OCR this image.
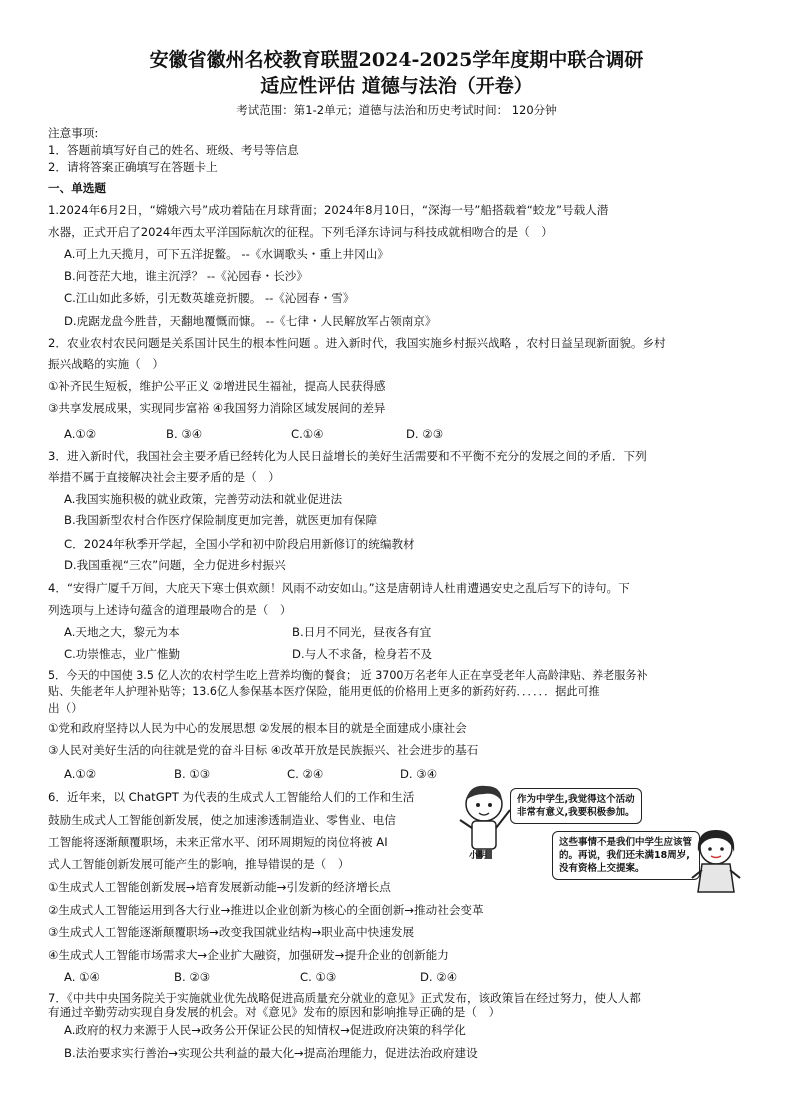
安徽省徽州名校教育联盟2024-2025学年度期中联合调研
适应性评估 道德与法治（开卷）
考试范围：第1-2单元；道德与法治和历史考试时间： 120分钟
注意事项:
1．答题前填写好自己的姓名、班级、考号等信息
2．请将答案正确填写在答题卡上
一、单选题
1.2024年6月2日，“嫦娥六号”成功着陆在月球背面；2024年8月10日，“深海一号”船搭载着“蛟龙”号载人潜
水器，正式开启了2024年西太平洋国际航次的征程。下列毛泽东诗词与科技成就相吻合的是（　）
A.可上九天揽月，可下五洋捉鳖。 --《水调歌头・重上井冈山》
B.问苍茫大地，谁主沉浮？ --《沁园春・长沙》
C.江山如此多娇，引无数英雄竞折腰。 --《沁园春・雪》
D.虎踞龙盘今胜昔，天翻地覆慨而慷。 --《七律・人民解放军占领南京》
2．农业农村农民问题是关系国计民生的根本性问题 。进入新时代，我国实施乡村振兴战略 ，农村日益呈现新面貌。乡村
振兴战略的实施（　）
①补齐民生短板，维护公平正义 ②增进民生福祉，提高人民获得感
③共享发展成果，实现同步富裕 ④我国努力消除区域发展间的差异
A.①②	B. ③④	C.①④	D. ②③
3．进入新时代，我国社会主要矛盾已经转化为人民日益增长的美好生活需要和不平衡不充分的发展之间的矛盾．下列
举措不属于直接解决社会主要矛盾的是（　）
A.我国实施积极的就业政策，完善劳动法和就业促进法
B.我国新型农村合作医疗保险制度更加完善，就医更加有保障
C．2024年秋季开学起，全国小学和初中阶段启用新修订的统编教材
D.我国重视“三农”问题，全力促进乡村振兴
4．“安得广厦千万间，大庇天下寒士俱欢颜！风雨不动安如山。”这是唐朝诗人杜甫遭遇安史之乱后写下的诗句。下
列选项与上述诗句蕴含的道理最吻合的是（　）
A.天地之大，黎元为本	B.日月不同光，昼夜各有宜
C.功崇惟志，业广惟勤	D.与人不求备，检身若不及
5．今天的中国使 3.5 亿人次的农村学生吃上营养均衡的餐食； 近 3700万名老年人正在享受老年人高龄津贴、养老服务补
贴、失能老年人护理补贴等；13.6亿人参保基本医疗保险，能用更低的价格用上更多的新药好药．．．．．．据此可推
出（）
①党和政府坚持以人民为中心的发展思想 ②发展的根本目的就是全面建成小康社会
③人民对美好生活的向往就是党的奋斗目标 ④改革开放是民族振兴、社会进步的基石
A.①②	B. ①③	C. ②④	D. ③④
6．近年来，以 ChatGPT 为代表的生成式人工智能给人们的工作和生活
鼓励生成式人工智能创新发展，使之加速渗透制造业、零售业、电信
工智能将逐渐颠覆职场，未来正常水平、闭环周期短的岗位将被 AI
式人工智能创新发展可能产生的影响，推导错误的是（　）
①生成式人工智能创新发展→培育发展新动能→引发新的经济增长点
②生成式人工智能运用到各大行业→推进以企业创新为核心的全面创新→推动社会变革
③生成式人工智能逐渐颠覆职场→改变我国就业结构→职业高中快速发展
④生成式人工智能市场需求大→企业扩大融资，加强研发→提升企业的创新能力
A. ①④	B. ②③	C. ①③	D. ②④
小明
作为中学生,我觉得这个活动非常有意义,我要积极参加。
这些事情不是我们中学生应该管的。再说，我们还未满18周岁,没有资格上交提案。
7．《中共中央国务院关于实施就业优先战略促进高质量充分就业的意见》正式发布，该政策旨在经过努力，使人人都
有通过辛勤劳动实现自身发展的机会。对《意见》发布的原因和影响推导正确的是（　）
A.政府的权力来源于人民→政务公开保证公民的知情权→促进政府决策的科学化
B.法治要求实行善治→实现公共利益的最大化→提高治理能力，促进法治政府建设
